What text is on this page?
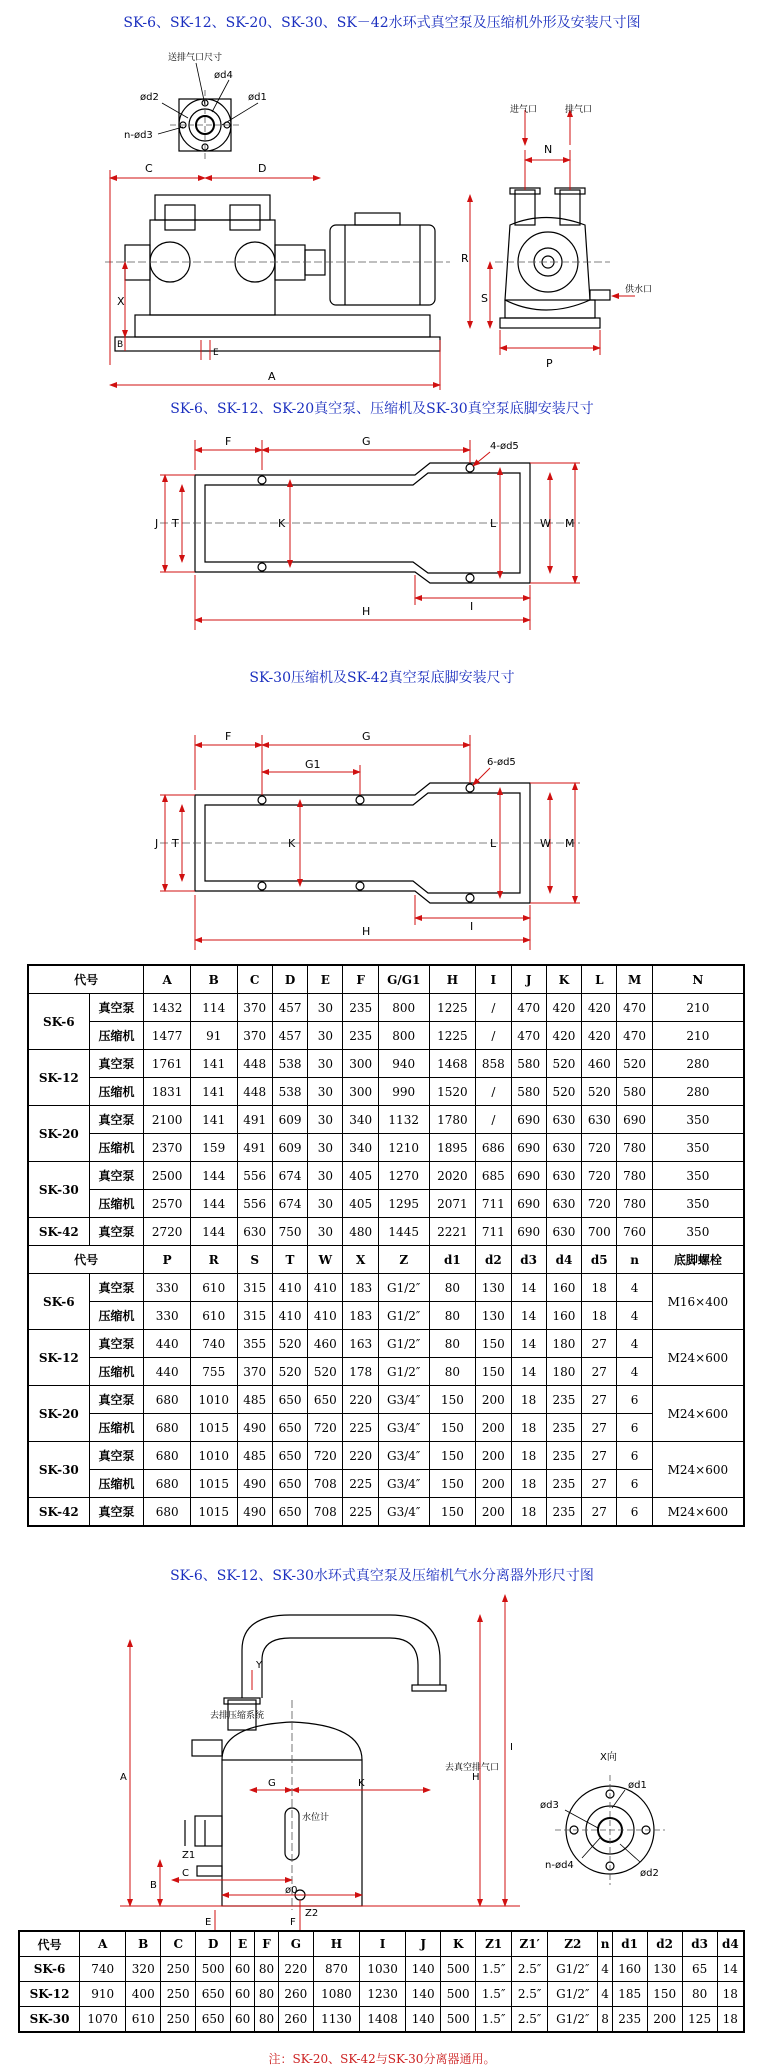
SK-6、SK-12、SK-20、SK-30、SK－42水环式真空泵及压缩机外形及安装尺寸图
SK-6、SK-12、SK-20真空泵、压缩机及SK-30真空泵底脚安装尺寸
SK-30压缩机及SK-42真空泵底脚安装尺寸
SK-6、SK-12、SK-30水环式真空泵及压缩机气水分离器外形尺寸图
C	D
A
X
B
E
送排气口尺寸
ød4
ød1
ød2
n-ød3
N
P
R
S
进气口	排气口
供水口
F	G	4-ød5
J T	K	L	W M
I
H
F	G
G1	6-ød5
J T	K	L	W M
I
H
Y
去排压缩系统
G	K
水位计
去真空排气口
A	H
I
B
Z1
C
ø0
Z2
E	F
X向
ød1
ød2
ød3
n-ød4
代号		A	B	C	D	E	F	G/G1	H	I	J	K	L	M	N
SK-6	真空泵	1432	114	370	457	30	235	800	1225	/	470	420	420	470	210
	压缩机	1477	91	370	457	30	235	800	1225	/	470	420	420	470	210
SK-12	真空泵	1761	141	448	538	30	300	940	1468	858	580	520	460	520	280
	压缩机	1831	141	448	538	30	300	990	1520	/	580	520	520	580	280
SK-20	真空泵	2100	141	491	609	30	340	1132	1780	/	690	630	630	690	350
	压缩机	2370	159	491	609	30	340	1210	1895	686	690	630	720	780	350
SK-30	真空泵	2500	144	556	674	30	405	1270	2020	685	690	630	720	780	350
	压缩机	2570	144	556	674	30	405	1295	2071	711	690	630	720	780	350
SK-42	真空泵	2720	144	630	750	30	480	1445	2221	711	690	630	700	760	350
代号		P	R	S	T	W	X	Z	d1	d2	d3	d4	d5	n	底脚螺栓
SK-6	真空泵	330	610	315	410	410	183	G1/2″	80	130	14	160	18	4	M16×400
	压缩机	330	610	315	410	410	183	G1/2″	80	130	14	160	18	4	
SK-12	真空泵	440	740	355	520	460	163	G1/2″	80	150	14	180	27	4	M24×600
	压缩机	440	755	370	520	520	178	G1/2″	80	150	14	180	27	4	
SK-20	真空泵	680	1010	485	650	650	220	G3/4″	150	200	18	235	27	6	M24×600
	压缩机	680	1015	490	650	720	225	G3/4″	150	200	18	235	27	6	
SK-30	真空泵	680	1010	485	650	720	220	G3/4″	150	200	18	235	27	6	M24×600
	压缩机	680	1015	490	650	708	225	G3/4″	150	200	18	235	27	6	
SK-42	真空泵	680	1015	490	650	708	225	G3/4″	150	200	18	235	27	6	M24×600
代号	A	B	C	D	E	F	G	H	I	J	K	Z1	Z1′	Z2	n	d1	d2	d3	d4
SK-6	740	320	250	500	60	80	220	870	1030	140	500	1.5″	2.5″	G1/2″	4	160	130	65	14
SK-12	910	400	250	650	60	80	260	1080	1230	140	500	1.5″	2.5″	G1/2″	4	185	150	80	18
SK-30	1070	610	250	650	60	80	260	1130	1408	140	500	1.5″	2.5″	G1/2″	8	235	200	125	18
注：SK-20、SK-42与SK-30分离器通用。
